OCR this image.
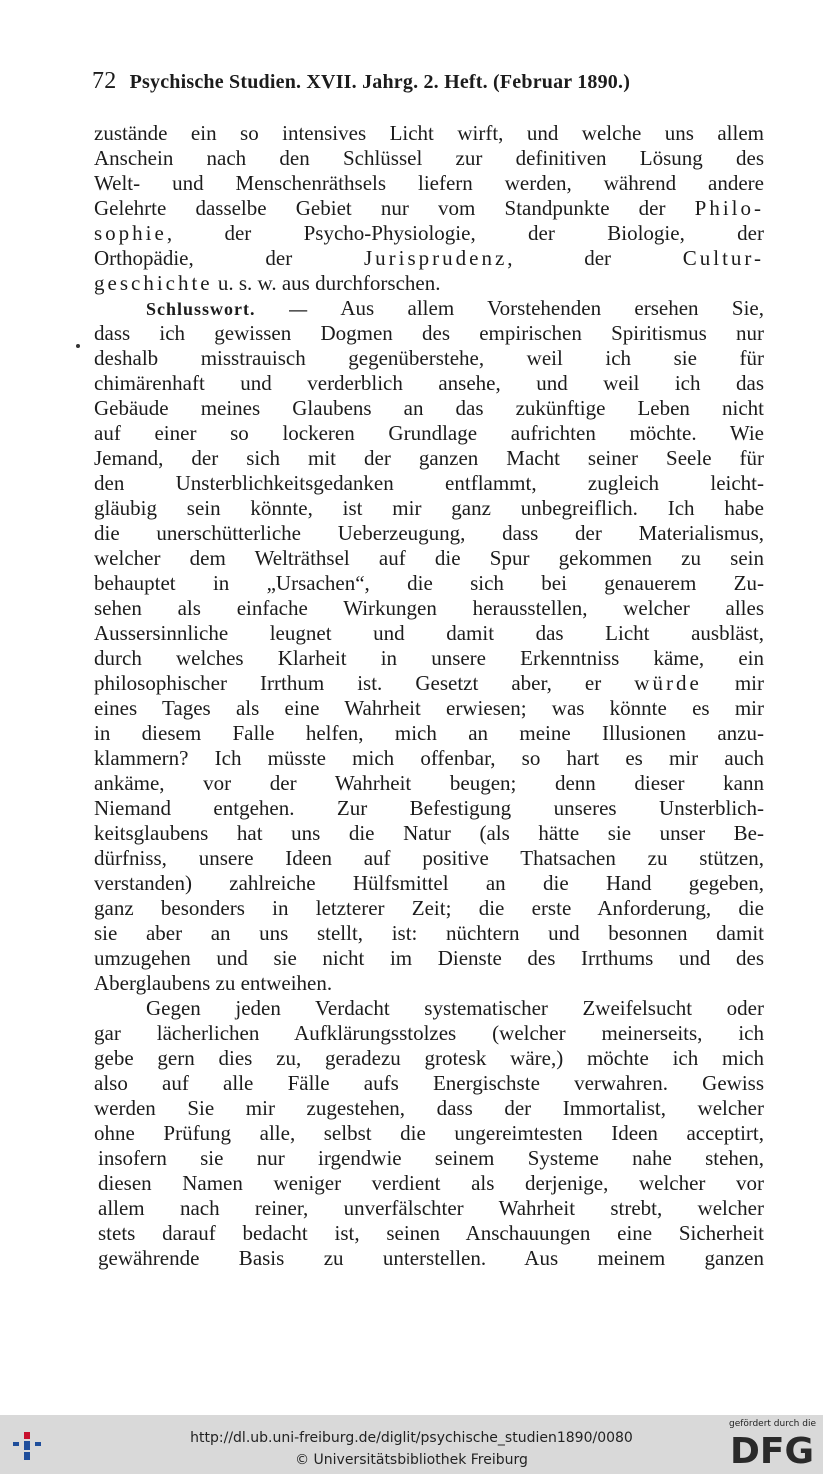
72 Psychische Studien. XVII. Jahrg. 2. Heft. (Februar 1890.)
zustände ein so intensives Licht wirft, und welche uns allem
Anschein nach den Schlüssel zur definitiven Lösung des
Welt- und Menschenräthsels liefern werden, während andere
Gelehrte dasselbe Gebiet nur vom Standpunkte der Philo-
sophie, der Psycho-Physiologie, der Biologie, der
Orthopädie, der Jurisprudenz, der Cultur-
geschichte u. s. w. aus durchforschen.
Schlusswort. — Aus allem Vorstehenden ersehen Sie,
dass ich gewissen Dogmen des empirischen Spiritismus nur
deshalb misstrauisch gegenüberstehe, weil ich sie für
chimärenhaft und verderblich ansehe, und weil ich das
Gebäude meines Glaubens an das zukünftige Leben nicht
auf einer so lockeren Grundlage aufrichten möchte. Wie
Jemand, der sich mit der ganzen Macht seiner Seele für
den Unsterblichkeitsgedanken entflammt, zugleich leicht-
gläubig sein könnte, ist mir ganz unbegreiflich. Ich habe
die unerschütterliche Ueberzeugung, dass der Materialismus,
welcher dem Welträthsel auf die Spur gekommen zu sein
behauptet in „Ursachen“, die sich bei genauerem Zu-
sehen als einfache Wirkungen herausstellen, welcher alles
Aussersinnliche leugnet und damit das Licht ausbläst,
durch welches Klarheit in unsere Erkenntniss käme, ein
philosophischer Irrthum ist. Gesetzt aber, er würde mir
eines Tages als eine Wahrheit erwiesen; was könnte es mir
in diesem Falle helfen, mich an meine Illusionen anzu-
klammern? Ich müsste mich offenbar, so hart es mir auch
ankäme, vor der Wahrheit beugen; denn dieser kann
Niemand entgehen. Zur Befestigung unseres Unsterblich-
keitsglaubens hat uns die Natur (als hätte sie unser Be-
dürfniss, unsere Ideen auf positive Thatsachen zu stützen,
verstanden) zahlreiche Hülfsmittel an die Hand gegeben,
ganz besonders in letzterer Zeit; die erste Anforderung, die
sie aber an uns stellt, ist: nüchtern und besonnen damit
umzugehen und sie nicht im Dienste des Irrthums und des
Aberglaubens zu entweihen.
Gegen jeden Verdacht systematischer Zweifelsucht oder
gar lächerlichen Aufklärungsstolzes (welcher meinerseits, ich
gebe gern dies zu, geradezu grotesk wäre,) möchte ich mich
also auf alle Fälle aufs Energischste verwahren. Gewiss
werden Sie mir zugestehen, dass der Immortalist, welcher
ohne Prüfung alle, selbst die ungereimtesten Ideen acceptirt,
insofern sie nur irgendwie seinem Systeme nahe stehen,
diesen Namen weniger verdient als derjenige, welcher vor
allem nach reiner, unverfälschter Wahrheit strebt, welcher
stets darauf bedacht ist, seinen Anschauungen eine Sicherheit
gewährende Basis zu unterstellen. Aus meinem ganzen
http://dl.ub.uni-freiburg.de/diglit/psychische_studien1890/0080
© Universitätsbibliothek Freiburg
gefördert durch die
DFG
